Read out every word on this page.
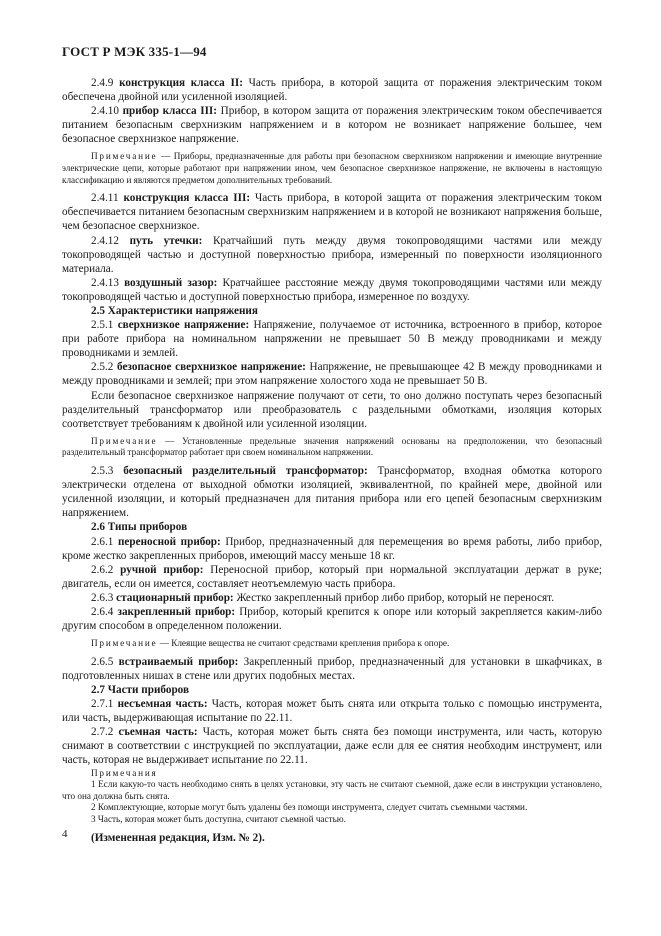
ГОСТ Р МЭК 335-1—94

2.4.9 конструкция класса II: Часть прибора, в которой защита от поражения электрическим током обеспечена двойной или усиленной изоляцией.

2.4.10 прибор класса III: Прибор, в котором защита от поражения электрическим током обеспечивается питанием безопасным сверхнизким напряжением и в котором не возникает напряжение большее, чем безопасное сверхнизкое напряжение.

Примечание — Приборы, предназначенные для работы при безопасном сверхнизком напряжении и имеющие внутренние электрические цепи, которые работают при напряжении ином, чем безопасное сверхнизкое напряжение, не включены в настоящую классификацию и являются предметом дополнительных требований.

2.4.11 конструкция класса III: Часть прибора, в которой защита от поражения электрическим током обеспечивается питанием безопасным сверхнизким напряжением и в которой не возникают напряжения больше, чем безопасное сверхнизкое.

2.4.12 путь утечки: Кратчайший путь между двумя токопроводящими частями или между токопроводящей частью и доступной поверхностью прибора, измеренный по поверхности изоляционного материала.

2.4.13 воздушный зазор: Кратчайшее расстояние между двумя токопроводящими частями или между токопроводящей частью и доступной поверхностью прибора, измеренное по воздуху.

2.5 Характеристики напряжения

2.5.1 сверхнизкое напряжение: Напряжение, получаемое от источника, встроенного в прибор, которое при работе прибора на номинальном напряжении не превышает 50 В между проводниками и между проводниками и землей.

2.5.2 безопасное сверхнизкое напряжение: Напряжение, не превышающее 42 В между проводниками и между проводниками и землей; при этом напряжение холостого хода не превышает 50 В.

Если безопасное сверхнизкое напряжение получают от сети, то оно должно поступать через безопасный разделительный трансформатор или преобразователь с раздельными обмотками, изоляция которых соответствует требованиям к двойной или усиленной изоляции.

Примечание — Установленные предельные значения напряжений основаны на предположении, что безопасный разделительный трансформатор работает при своем номинальном напряжении.

2.5.3 безопасный разделительный трансформатор: Трансформатор, входная обмотка которого электрически отделена от выходной обмотки изоляцией, эквивалентной, по крайней мере, двойной или усиленной изоляции, и который предназначен для питания прибора или его цепей безопасным сверхнизким напряжением.

2.6 Типы приборов

2.6.1 переносной прибор: Прибор, предназначенный для перемещения во время работы, либо прибор, кроме жестко закрепленных приборов, имеющий массу меньше 18 кг.

2.6.2 ручной прибор: Переносной прибор, который при нормальной эксплуатации держат в руке; двигатель, если он имеется, составляет неотъемлемую часть прибора.

2.6.3 стационарный прибор: Жестко закрепленный прибор либо прибор, который не переносят.

2.6.4 закрепленный прибор: Прибор, который крепится к опоре или который закрепляется каким-либо другим способом в определенном положении.

Примечание — Клеящие вещества не считают средствами крепления прибора к опоре.

2.6.5 встраиваемый прибор: Закрепленный прибор, предназначенный для установки в шкафчиках, в подготовленных нишах в стене или других подобных местах.

2.7 Части приборов

2.7.1 несъемная часть: Часть, которая может быть снята или открыта только с помощью инструмента, или часть, выдерживающая испытание по 22.11.

2.7.2 съемная часть: Часть, которая может быть снята без помощи инструмента, или часть, которую снимают в соответствии с инструкцией по эксплуатации, даже если для ее снятия необходим инструмент, или часть, которая не выдерживает испытание по 22.11.

Примечания

1 Если какую-то часть необходимо снять в целях установки, эту часть не считают съемной, даже если в инструкции установлено, что она должна быть снята.

2 Комплектующие, которые могут быть удалены без помощи инструмента, следует считать съемными частями.

3 Часть, которая может быть доступна, считают съемной частью.

(Измененная редакция, Изм. № 2).

4
